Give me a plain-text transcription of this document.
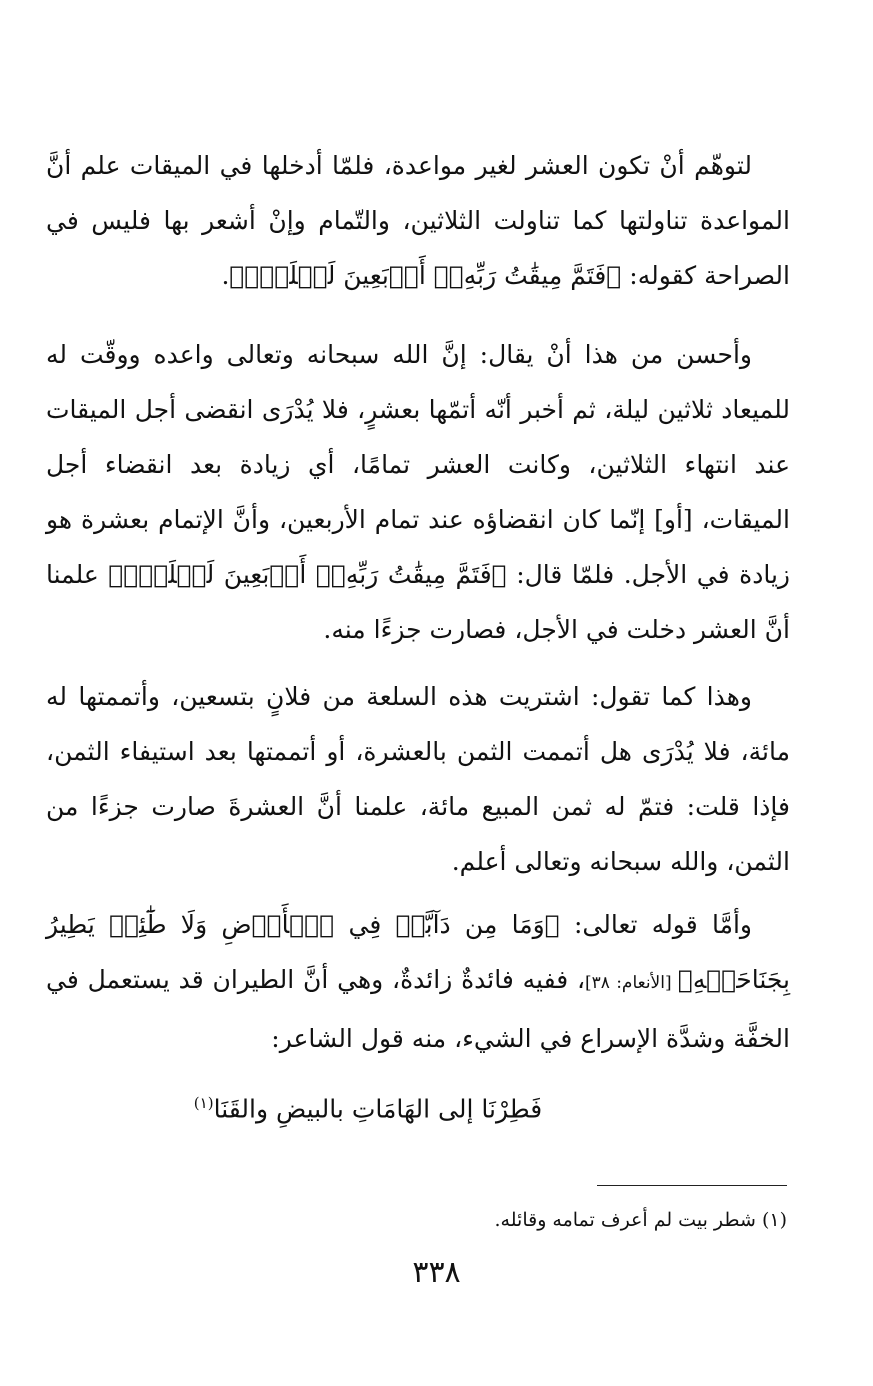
لتوهّم أنْ تكون العشر لغير مواعدة، فلمّا أدخلها في الميقات علم أنَّ المواعدة تناولتها كما تناولت الثلاثين، والتّمام وإنْ أشعر بها فليس في الصراحة كقوله: ﴿فَتَمَّ مِيقَٰتُ رَبِّهِۦٓ أَرۡبَعِينَ لَيۡلَةٗۚ﴾.

وأحسن من هذا أنْ يقال: إنَّ الله سبحانه وتعالى واعده ووقّت له للميعاد ثلاثين ليلة، ثم أخبر أنّه أتمّها بعشرٍ، فلا يُدْرَى انقضى أجل الميقات عند انتهاء الثلاثين، وكانت العشر تمامًا، أي زيادة بعد انقضاء أجل الميقات، [أو] إنّما كان انقضاؤه عند تمام الأربعين، وأنَّ الإتمام بعشرة هو زيادة في الأجل. فلمّا قال: ﴿فَتَمَّ مِيقَٰتُ رَبِّهِۦٓ أَرۡبَعِينَ لَيۡلَةٗۚ﴾ علمنا أنَّ العشر دخلت في الأجل، فصارت جزءًا منه.

وهذا كما تقول: اشتريت هذه السلعة من فلانٍ بتسعين، وأتممتها له مائة، فلا يُدْرَى هل أتممت الثمن بالعشرة، أو أتممتها بعد استيفاء الثمن، فإذا قلت: فتمّ له ثمن المبيع مائة، علمنا أنَّ العشرةَ صارت جزءًا من الثمن، والله سبحانه وتعالى أعلم.

وأمَّا قوله تعالى: ﴿وَمَا مِن دَآبَّةٖ فِي ٱلۡأَرۡضِ وَلَا طَٰٓئِرٖ يَطِيرُ بِجَنَاحَيۡهِ﴾ [الأنعام: ٣٨]، ففيه فائدةٌ زائدةٌ، وهي أنَّ الطيران قد يستعمل في الخفَّة وشدَّة الإسراع في الشيء، منه قول الشاعر:

فَطِرْنَا إلى الهَامَاتِ بالبيضِ والقَنَا$^{(١)}$
(١) شطر بيت لم أعرف تمامه وقائله.
٣٣٨
